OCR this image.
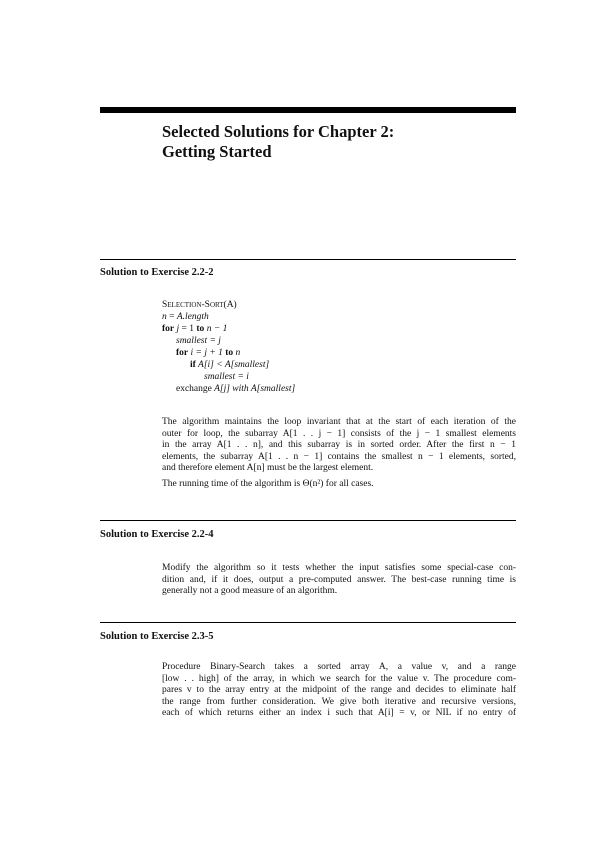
Selected Solutions for Chapter 2:
Getting Started
Solution to Exercise 2.2-2
Selection-Sort(A)
n = A.length
for j = 1 to n − 1
smallest = j
for i = j + 1 to n
if A[i] < A[smallest]
smallest = i
exchange A[j] with A[smallest]

The algorithm maintains the loop invariant that at the start of each iteration of the

outer for loop, the subarray A[1 . . j − 1] consists of the j − 1 smallest elements

in the array A[1 . . n], and this subarray is in sorted order. After the first n − 1

elements, the subarray A[1 . . n − 1] contains the smallest n − 1 elements, sorted,

and therefore element A[n] must be the largest element.

The running time of the algorithm is Θ(n²) for all cases.

Solution to Exercise 2.2-4

Modify the algorithm so it tests whether the input satisfies some special-case con-

dition and, if it does, output a pre-computed answer. The best-case running time is

generally not a good measure of an algorithm.

Solution to Exercise 2.3-5

Procedure Binary-Search takes a sorted array A, a value v, and a range

[low . . high] of the array, in which we search for the value v. The procedure com-

pares v to the array entry at the midpoint of the range and decides to eliminate half

the range from further consideration. We give both iterative and recursive versions,

each of which returns either an index i such that A[i] = v, or NIL if no entry of
